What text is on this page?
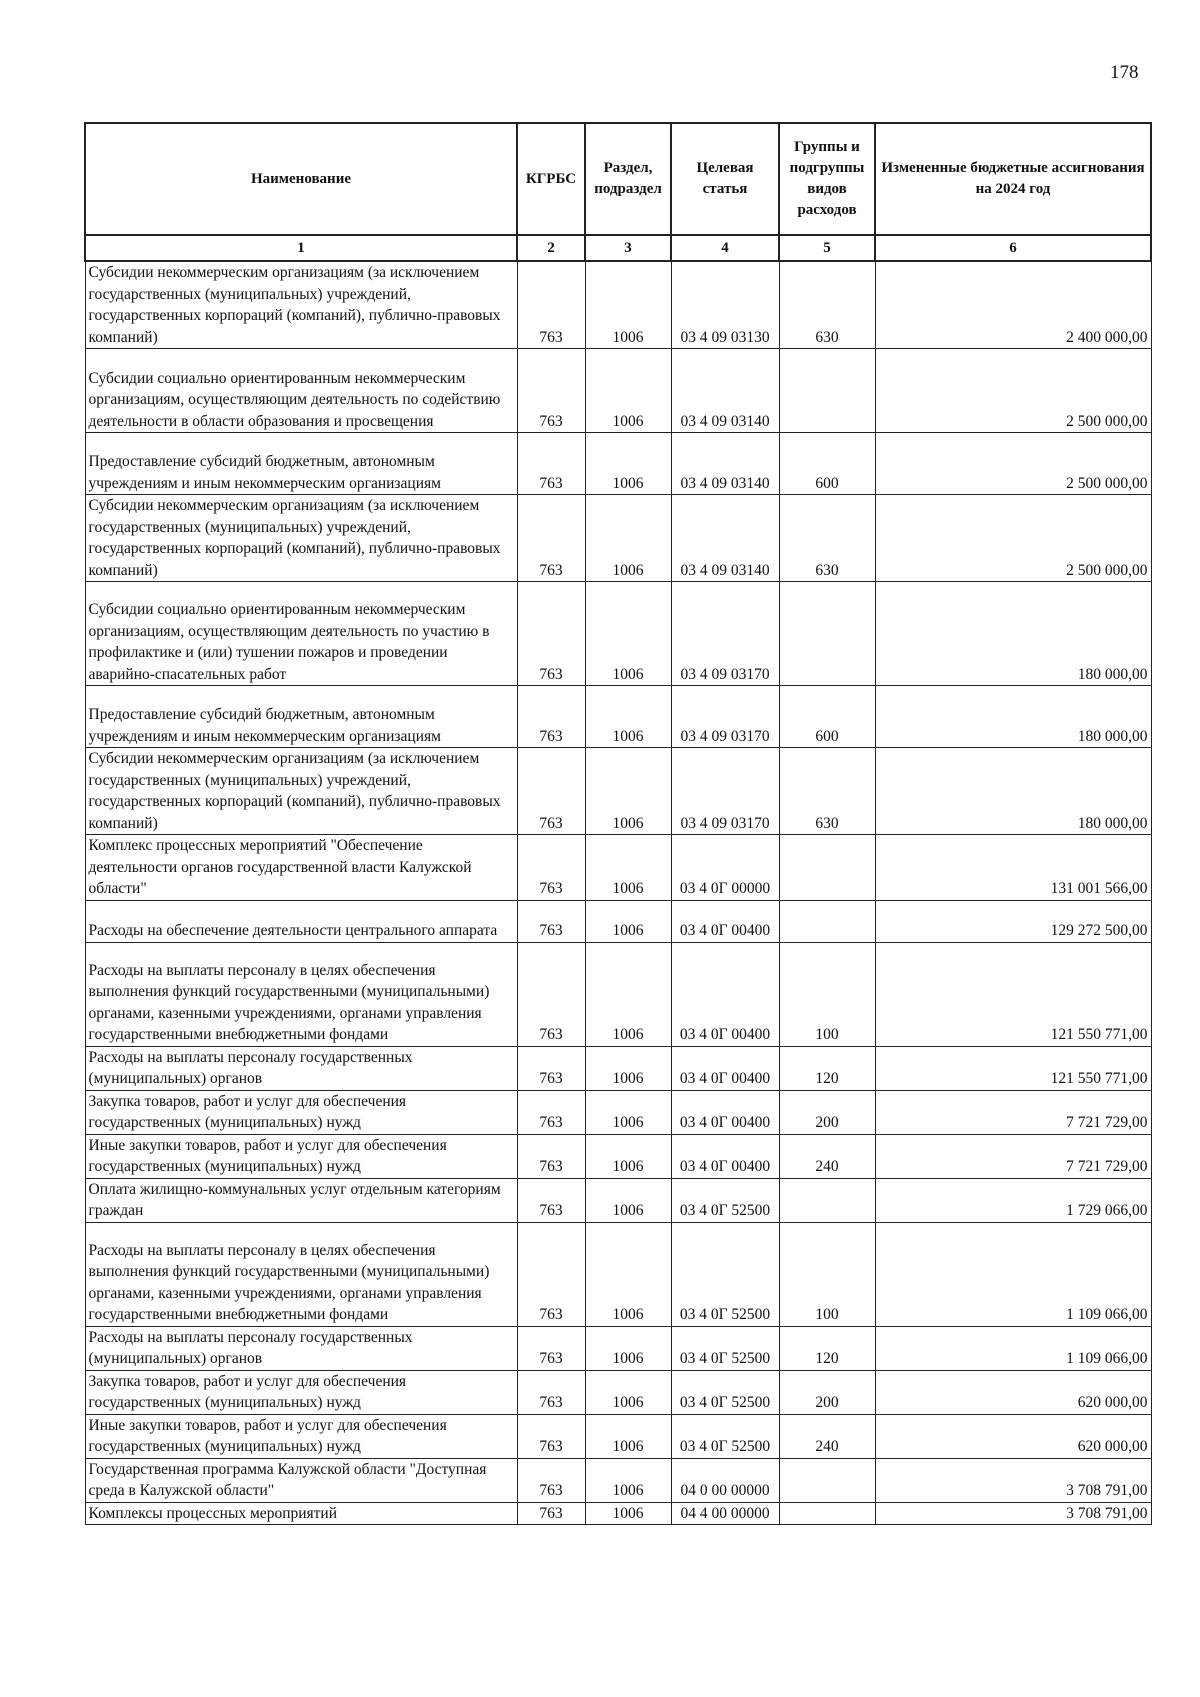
178
Наименование	КГРБС	Раздел, подраздел	Целевая статья	Группы и подгруппы видов расходов	Измененные бюджетные ассигнования на 2024 год
1	2	3	4	5	6
Субсидии некоммерческим организациям (за исключением государственных (муниципальных) учреждений, государственных корпораций (компаний), публично-правовых компаний)	763	1006	03 4 09 03130	630	2 400 000,00
Субсидии социально ориентированным некоммерческим организациям, осуществляющим деятельность по содействию деятельности в области образования и просвещения	763	1006	03 4 09 03140		2 500 000,00
Предоставление субсидий бюджетным, автономным учреждениям и иным некоммерческим организациям	763	1006	03 4 09 03140	600	2 500 000,00
Субсидии некоммерческим организациям (за исключением государственных (муниципальных) учреждений, государственных корпораций (компаний), публично-правовых компаний)	763	1006	03 4 09 03140	630	2 500 000,00
Субсидии социально ориентированным некоммерческим организациям, осуществляющим деятельность по участию в профилактике и (или) тушении пожаров и проведении аварийно-спасательных работ	763	1006	03 4 09 03170		180 000,00
Предоставление субсидий бюджетным, автономным учреждениям и иным некоммерческим организациям	763	1006	03 4 09 03170	600	180 000,00
Субсидии некоммерческим организациям (за исключением государственных (муниципальных) учреждений, государственных корпораций (компаний), публично-правовых компаний)	763	1006	03 4 09 03170	630	180 000,00
Комплекс процессных мероприятий "Обеспечение деятельности органов государственной власти Калужской области"	763	1006	03 4 0Г 00000		131 001 566,00
Расходы на обеспечение деятельности центрального аппарата	763	1006	03 4 0Г 00400		129 272 500,00
Расходы на выплаты персоналу в целях обеспечения выполнения функций государственными (муниципальными) органами, казенными учреждениями, органами управления государственными внебюджетными фондами	763	1006	03 4 0Г 00400	100	121 550 771,00
Расходы на выплаты персоналу государственных (муниципальных) органов	763	1006	03 4 0Г 00400	120	121 550 771,00
Закупка товаров, работ и услуг для обеспечения государственных (муниципальных) нужд	763	1006	03 4 0Г 00400	200	7 721 729,00
Иные закупки товаров, работ и услуг для обеспечения государственных (муниципальных) нужд	763	1006	03 4 0Г 00400	240	7 721 729,00
Оплата жилищно-коммунальных услуг отдельным категориям граждан	763	1006	03 4 0Г 52500		1 729 066,00
Расходы на выплаты персоналу в целях обеспечения выполнения функций государственными (муниципальными) органами, казенными учреждениями, органами управления государственными внебюджетными фондами	763	1006	03 4 0Г 52500	100	1 109 066,00
Расходы на выплаты персоналу государственных (муниципальных) органов	763	1006	03 4 0Г 52500	120	1 109 066,00
Закупка товаров, работ и услуг для обеспечения государственных (муниципальных) нужд	763	1006	03 4 0Г 52500	200	620 000,00
Иные закупки товаров, работ и услуг для обеспечения государственных (муниципальных) нужд	763	1006	03 4 0Г 52500	240	620 000,00
Государственная программа Калужской области "Доступная среда в Калужской области"	763	1006	04 0 00 00000		3 708 791,00
Комплексы процессных мероприятий	763	1006	04 4 00 00000		3 708 791,00
